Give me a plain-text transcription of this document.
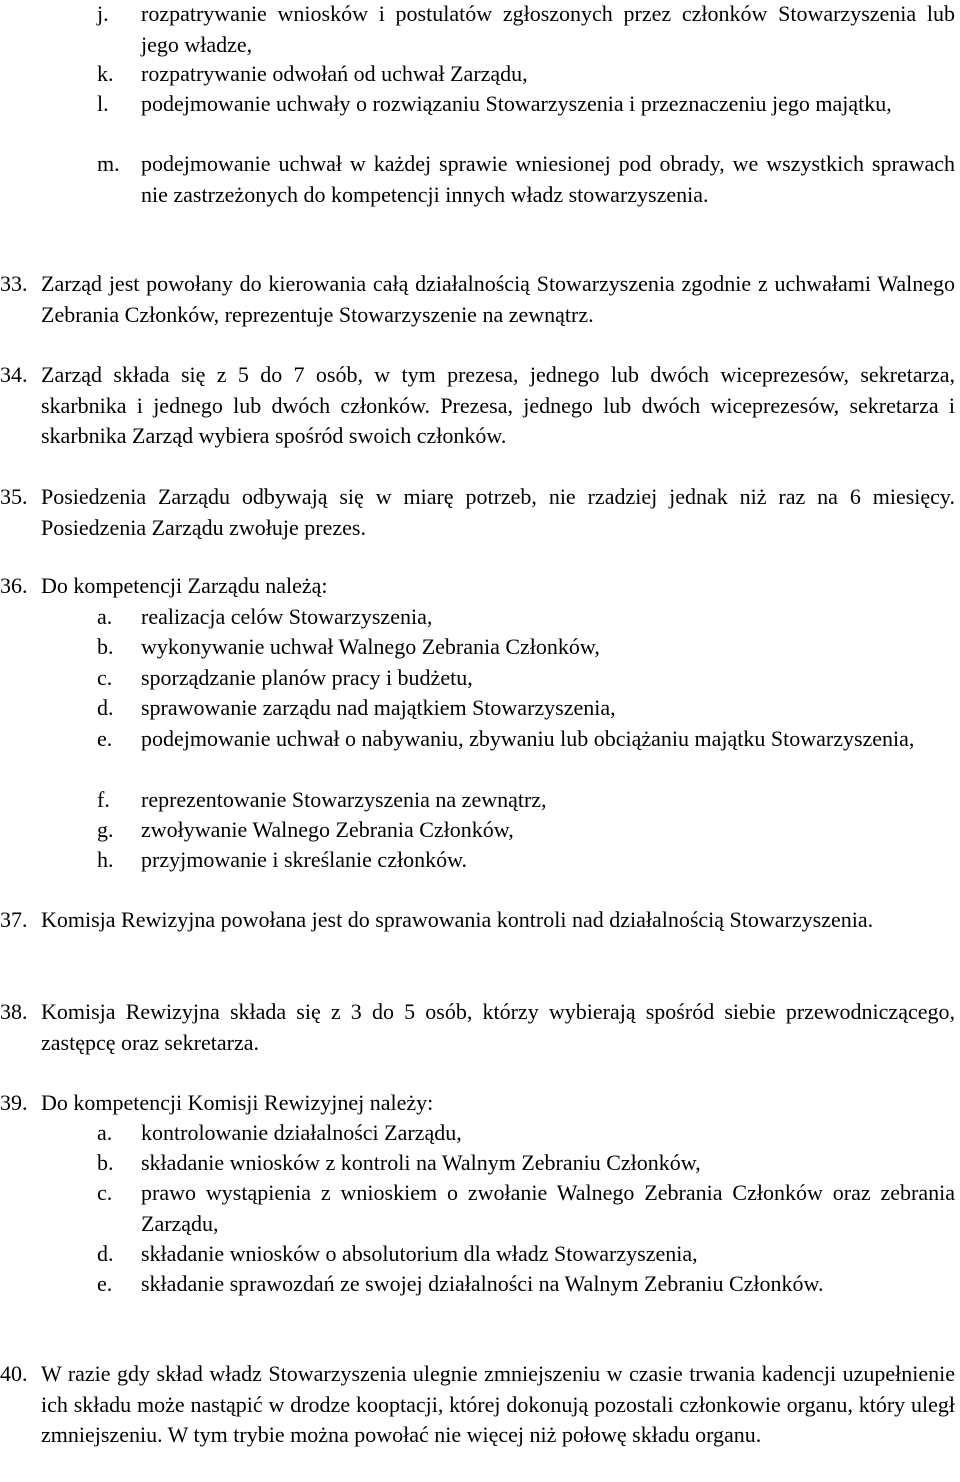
j.	rozpatrywanie wniosków i postulatów zgłoszonych przez członków Stowarzyszenia lub jego władze,
k.	rozpatrywanie odwołań od uchwał Zarządu,
l.	podejmowanie uchwały o rozwiązaniu Stowarzyszenia i przeznaczeniu jego majątku,
m. podejmowanie uchwał w każdej sprawie wniesionej pod obrady, we wszystkich sprawach nie zastrzeżonych do kompetencji innych władz stowarzyszenia.
33. Zarząd jest powołany do kierowania całą działalnością Stowarzyszenia zgodnie z uchwałami Walnego Zebrania Członków, reprezentuje Stowarzyszenie na zewnątrz.
34. Zarząd składa się z 5 do 7 osób, w tym prezesa, jednego lub dwóch wiceprezesów, sekretarza, skarbnika i jednego lub dwóch członków. Prezesa, jednego lub dwóch wiceprezesów, sekretarza i skarbnika Zarząd wybiera spośród swoich członków.
35. Posiedzenia Zarządu odbywają się w miarę potrzeb, nie rzadziej jednak niż raz na 6 miesięcy. Posiedzenia Zarządu zwołuje prezes.
36. Do kompetencji Zarządu należą:
a.	realizacja celów Stowarzyszenia,
b.	wykonywanie uchwał Walnego Zebrania Członków,
c.	sporządzanie planów pracy i budżetu,
d.	sprawowanie zarządu nad majątkiem Stowarzyszenia,
e.	podejmowanie uchwał o nabywaniu, zbywaniu lub obciążaniu majątku Stowarzyszenia,
f.	reprezentowanie Stowarzyszenia na zewnątrz,
g.	zwoływanie Walnego Zebrania Członków,
h.	przyjmowanie i skreślanie członków.
37. Komisja Rewizyjna powołana jest do sprawowania kontroli nad działalnością Stowarzyszenia.
38. Komisja Rewizyjna składa się z 3 do 5 osób, którzy wybierają spośród siebie przewodniczącego, zastępcę oraz sekretarza.
39. Do kompetencji Komisji Rewizyjnej należy:
a.	kontrolowanie działalności Zarządu,
b.	składanie wniosków z kontroli na Walnym Zebraniu Członków,
c.	prawo wystąpienia z wnioskiem o zwołanie Walnego Zebrania Członków oraz zebrania Zarządu,
d.	składanie wniosków o absolutorium dla władz Stowarzyszenia,
e.	składanie sprawozdań ze swojej działalności na Walnym Zebraniu Członków.
40. W razie gdy skład władz Stowarzyszenia ulegnie zmniejszeniu w czasie trwania kadencji uzupełnienie ich składu może nastąpić w drodze kooptacji, której dokonują pozostali członkowie organu, który uległ zmniejszeniu. W tym trybie można powołać nie więcej niż połowę składu organu.
